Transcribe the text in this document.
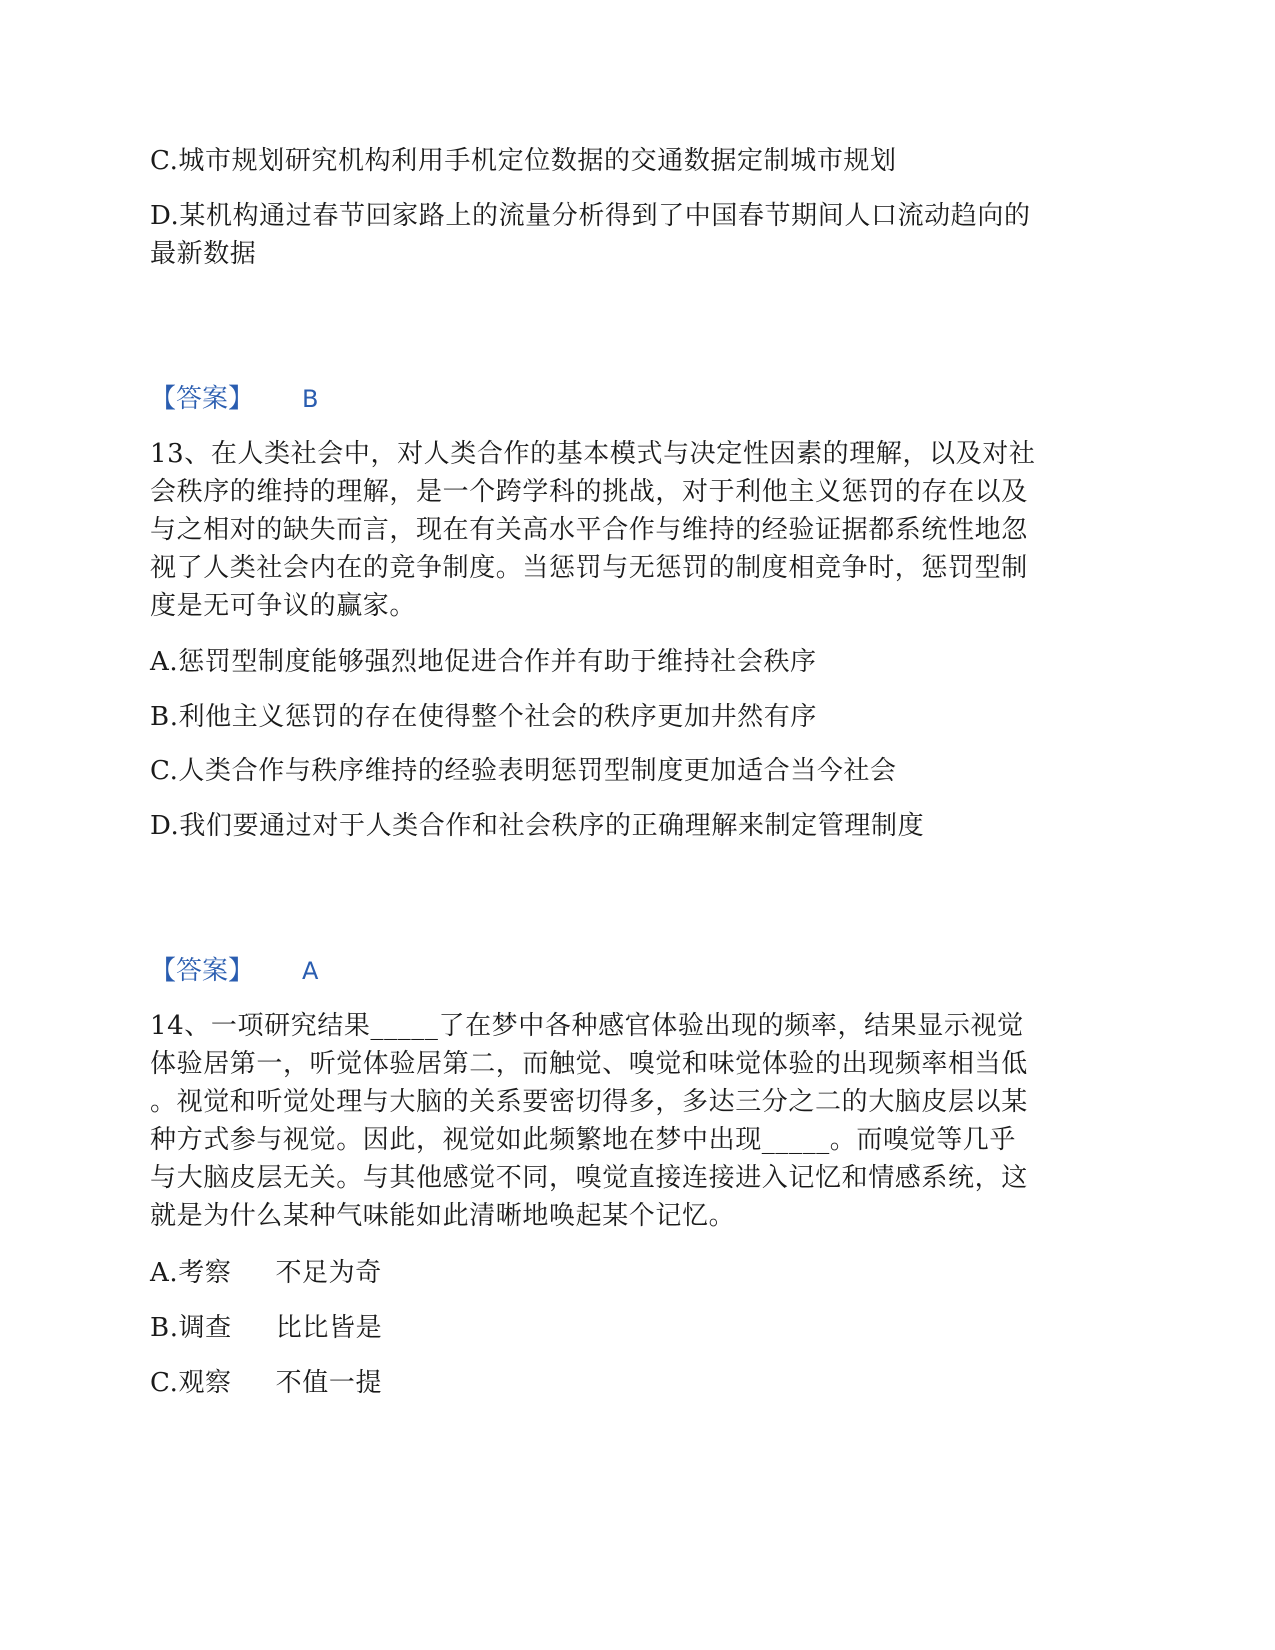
C.城市规划研究机构利用手机定位数据的交通数据定制城市规划

D.某机构通过春节回家路上的流量分析得到了中国春节期间人口流动趋向的
最新数据
【答案】 B
13、在人类社会中，对人类合作的基本模式与决定性因素的理解，以及对社
会秩序的维持的理解，是一个跨学科的挑战，对于利他主义惩罚的存在以及
与之相对的缺失而言，现在有关高水平合作与维持的经验证据都系统性地忽
视了人类社会内在的竞争制度。当惩罚与无惩罚的制度相竞争时，惩罚型制
度是无可争议的赢家。

A.惩罚型制度能够强烈地促进合作并有助于维持社会秩序

B.利他主义惩罚的存在使得整个社会的秩序更加井然有序

C.人类合作与秩序维持的经验表明惩罚型制度更加适合当今社会

D.我们要通过对于人类合作和社会秩序的正确理解来制定管理制度

【答案】 A
14、一项研究结果_____了在梦中各种感官体验出现的频率，结果显示视觉
体验居第一，听觉体验居第二，而触觉、嗅觉和味觉体验的出现频率相当低
。视觉和听觉处理与大脑的关系要密切得多，多达三分之二的大脑皮层以某
种方式参与视觉。因此，视觉如此频繁地在梦中出现_____。而嗅觉等几乎
与大脑皮层无关。与其他感觉不同，嗅觉直接连接进入记忆和情感系统，这
就是为什么某种气味能如此清晰地唤起某个记忆。

A.考察 不足为奇

B.调查 比比皆是

C.观察 不值一提
